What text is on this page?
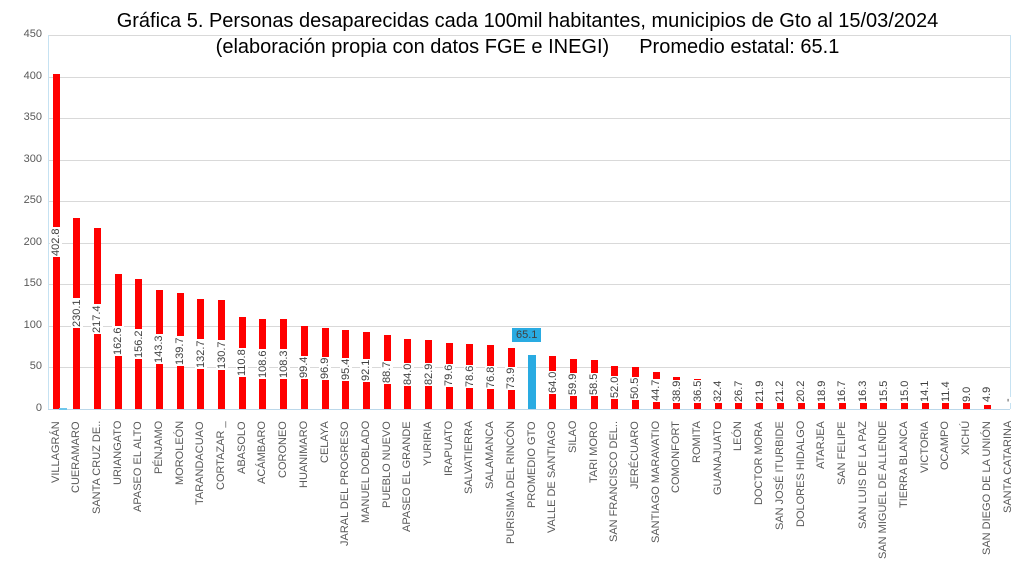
Gráfica 5. Personas desaparecidas cada 100mil habitantes, municipios de Gto al 15/03/2024
(elaboración propia con datos FGE e INEGI) Promedio estatal: 65.1
0
50
100
150
200
250
300
350
400
450
402.8
VILLAGRÁN
230.1
CUERAMARO
217.4
SANTA CRUZ DE..
162.6
URIANGATO
156.2
APASEO EL ALTO
143.3
PÉNJAMO
139.7
MOROLEÓN
132.7
TARANDACUAO
130.7
CORTAZAR _
110.8
ABASOLO
108.6
ACÁMBARO
108.3
CORONEO
99.4
HUANIMARO
96.9
CELAYA
95.4
JARAL DEL PROGRESO
92.1
MANUEL DOBLADO
88.7
PUEBLO NUEVO
84.0
APASEO EL GRANDE
82.9
YURIRIA
79.6
IRAPUATO
78.6
SALVATIERRA
76.8
SALAMANCA
73.9
PURISIMA DEL RINCÓN PROMEDIO GTO
64.0
VALLE DE SANTIAGO
59.9
SILAO
58.5
TARI MORO
52.0
SAN FRANCISCO DEL..
50.5
JERÉCUARO
44.7
SANTIAGO MARAVATIO
38.9
COMONFORT
36.5
ROMITA
32.4
GUANAJUATO
26.7
LEÓN
21.9
DOCTOR MORA
21.2
SAN JOSÉ ITURBIDE
20.2
DOLORES HIDALGO
18.9
ATARJEA
16.7
SAN FELIPE
16.3
SAN LUIS DE LA PAZ
15.5
SAN MIGUEL DE ALLENDE
15.0
TIERRA BLANCA
14.1
VICTORIA
11.4
OCAMPO
9.0
XICHÚ
4.9
SAN DIEGO DE LA UNIÓN
-
SANTA CATARINA
65.1
